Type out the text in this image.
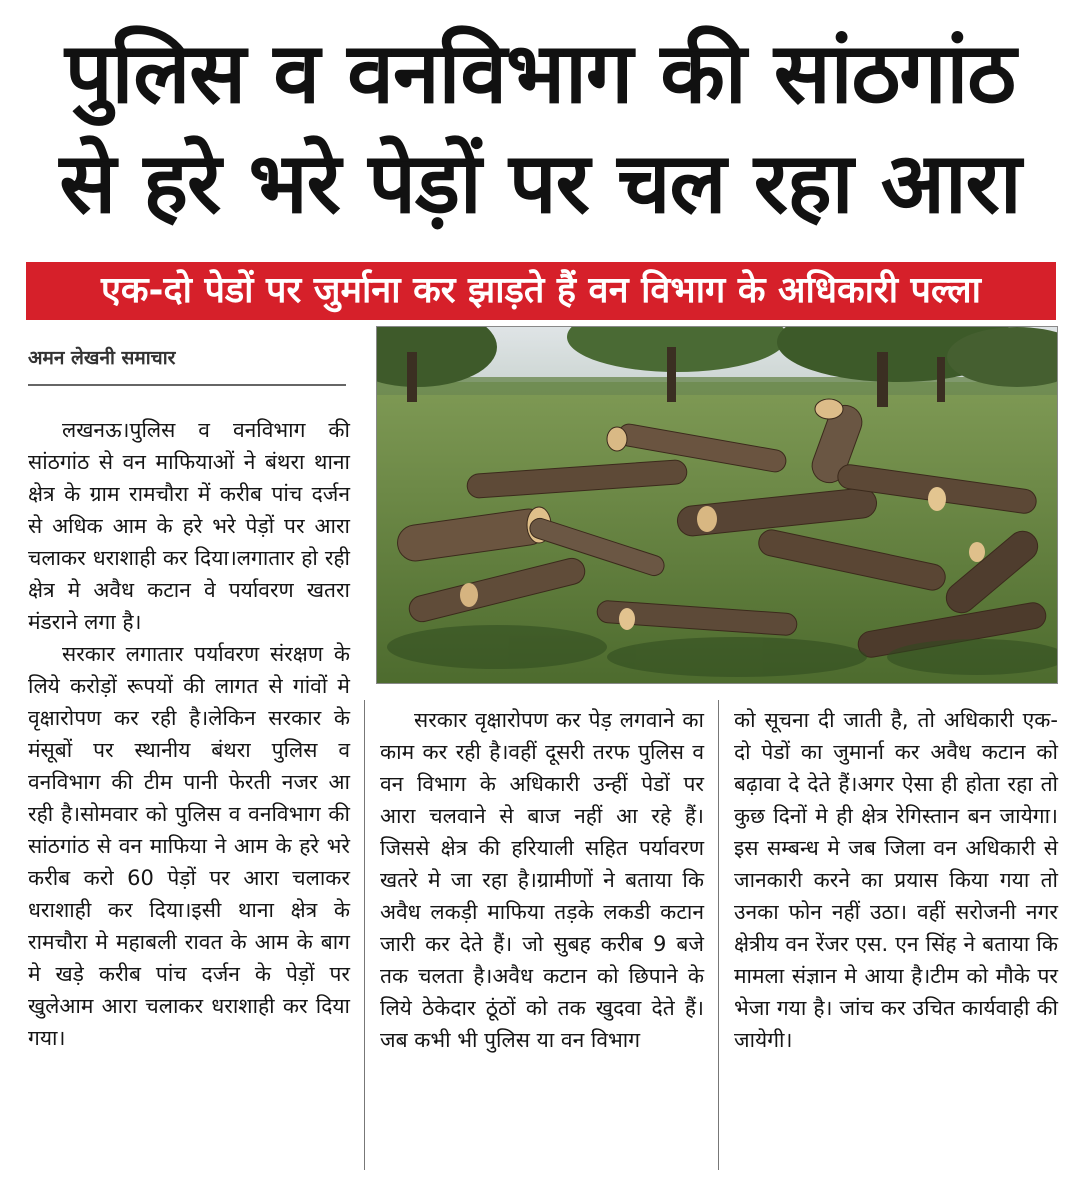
पुलिस व वनविभाग की सांठगांठ
से हरे भरे पेड़ों पर चल रहा आरा
एक-दो पेडों पर जुर्माना कर झाड़ते हैं वन विभाग के अधिकारी पल्ला
अमन लेखनी समाचार

लखनऊ।पुलिस व वनविभाग की सांठगांठ से वन माफियाओं ने बंथरा थाना क्षेत्र के ग्राम रामचौरा में करीब पांच दर्जन से अधिक आम के हरे भरे पेड़ों पर आरा चलाकर धराशाही कर दिया।लगातार हो रही क्षेत्र मे अवैध कटान वे पर्यावरण खतरा मंडराने लगा है।

सरकार लगातार पर्यावरण संरक्षण के लिये करोड़ों रूपयों की लागत से गांवों मे वृक्षारोपण कर रही है।लेकिन सरकार के मंसूबों पर स्थानीय बंथरा पुलिस व वनविभाग की टीम पानी फेरती नजर आ रही है।सोमवार को पुलिस व वनविभाग की सांठगांठ से वन माफिया ने आम के हरे भरे करीब करो 60 पेड़ों पर आरा चलाकर धराशाही कर दिया।इसी थाना क्षेत्र के रामचौरा मे महाबली रावत के आम के बाग मे खड़े करीब पांच दर्जन के पेड़ों पर खुलेआम आरा चलाकर धराशाही कर दिया गया।

सरकार वृक्षारोपण कर पेड़ लगवाने का काम कर रही है।वहीं दूसरी तरफ पुलिस व वन विभाग के अधिकारी उन्हीं पेडों पर आरा चलवाने से बाज नहीं आ रहे हैं। जिससे क्षेत्र की हरियाली सहित पर्यावरण खतरे मे जा रहा है।ग्रामीणों ने बताया कि अवैध लकड़ी माफिया तड़के लकडी कटान जारी कर देते हैं। जो सुबह करीब 9 बजे तक चलता है।अवैध कटान को छिपाने के लिये ठेकेदार ठूंठों को तक खुदवा देते हैं।जब कभी भी पुलिस या वन विभाग

को सूचना दी जाती है, तो अधिकारी एक-दो पेडों का जुमार्ना कर अवैध कटान को बढ़ावा दे देते हैं।अगर ऐसा ही होता रहा तो कुछ दिनों मे ही क्षेत्र रेगिस्तान बन जायेगा।इस सम्बन्ध मे जब जिला वन अधिकारी से जानकारी करने का प्रयास किया गया तो उनका फोन नहीं उठा। वहीं सरोजनी नगर क्षेत्रीय वन रेंजर एस. एन सिंह ने बताया कि मामला संज्ञान मे आया है।टीम को मौके पर भेजा गया है। जांच कर उचित कार्यवाही की जायेगी।
